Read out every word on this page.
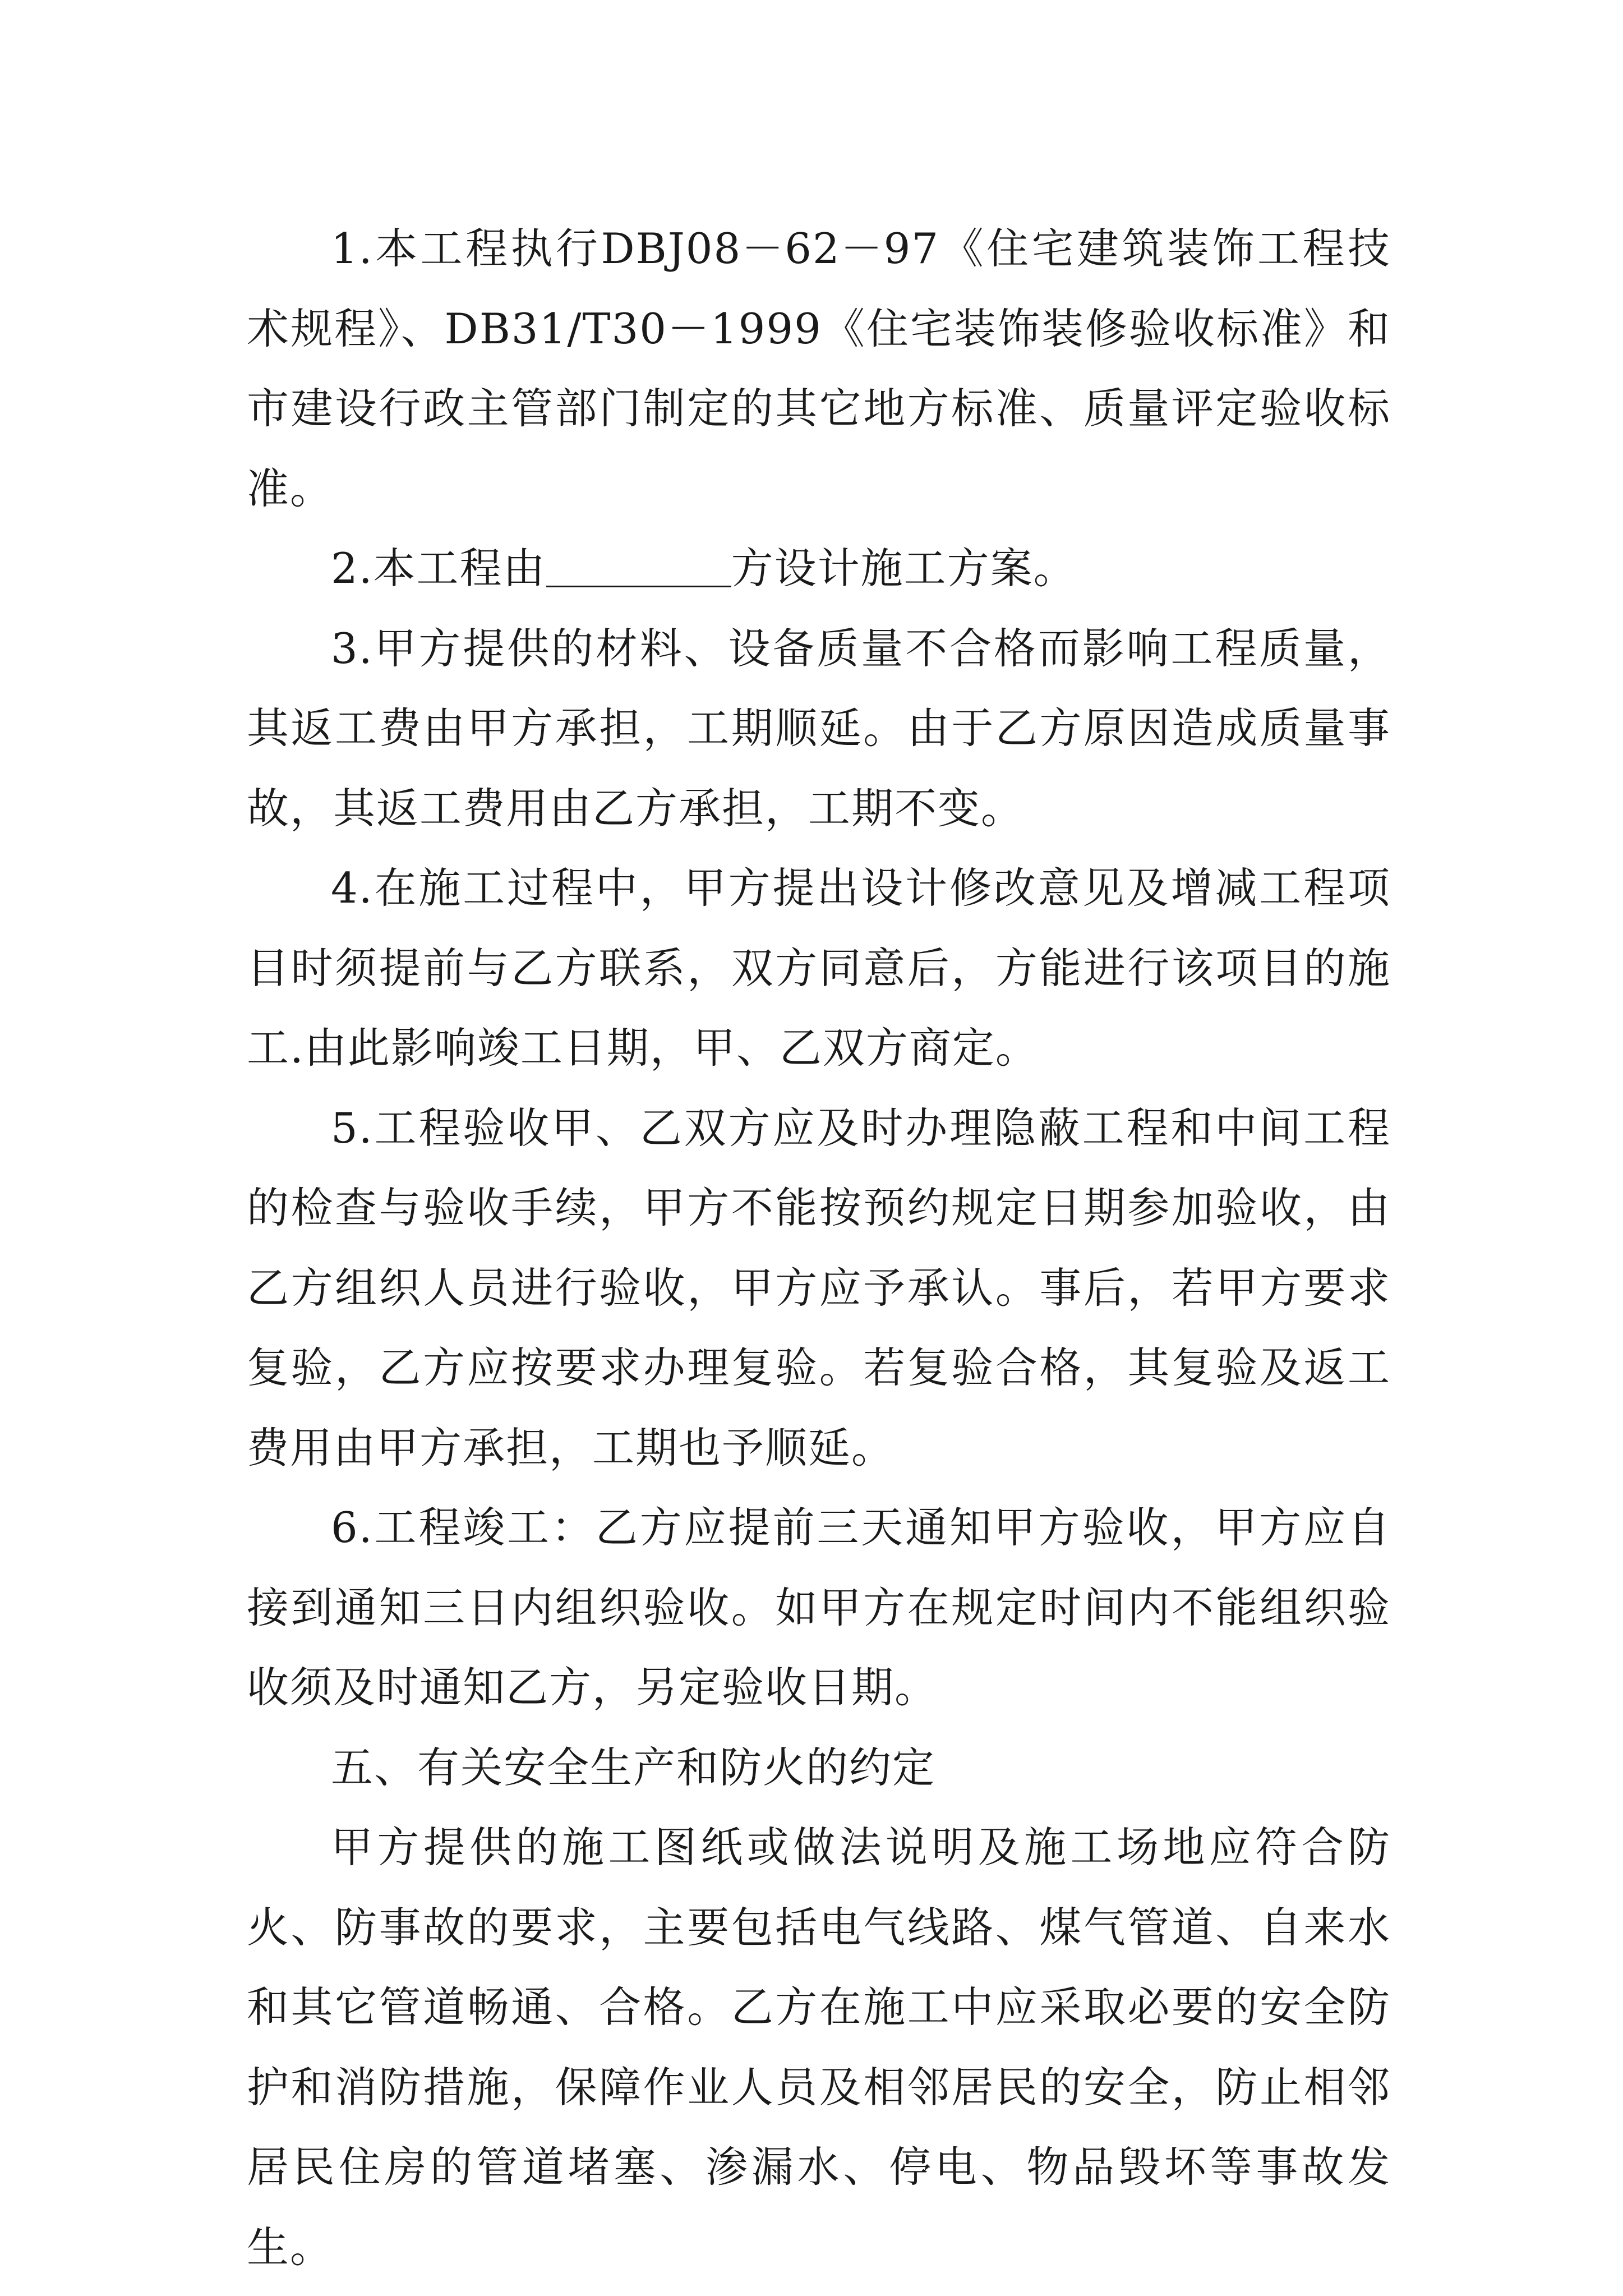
1.本工程执行DBJ08－62－97《住宅建筑装饰工程技术规程》、DB31/T30－1999《住宅装饰装修验收标准》和市建设行政主管部门制定的其它地方标准、质量评定验收标准。

2.本工程由	方设计施工方案。

3.甲方提供的材料、设备质量不合格而影响工程质量，其返工费由甲方承担，工期顺延。由于乙方原因造成质量事故，其返工费用由乙方承担，工期不变。

4.在施工过程中，甲方提出设计修改意见及增减工程项目时须提前与乙方联系，双方同意后，方能进行该项目的施工.由此影响竣工日期，甲、乙双方商定。

5.工程验收甲、乙双方应及时办理隐蔽工程和中间工程的检查与验收手续，甲方不能按预约规定日期参加验收，由乙方组织人员进行验收，甲方应予承认。事后，若甲方要求复验，乙方应按要求办理复验。若复验合格，其复验及返工费用由甲方承担，工期也予顺延。

6.工程竣工：乙方应提前三天通知甲方验收，甲方应自接到通知三日内组织验收。如甲方在规定时间内不能组织验收须及时通知乙方，另定验收日期。

五、有关安全生产和防火的约定

甲方提供的施工图纸或做法说明及施工场地应符合防火、防事故的要求，主要包括电气线路、煤气管道、自来水和其它管道畅通、合格。乙方在施工中应采取必要的安全防护和消防措施，保障作业人员及相邻居民的安全，防止相邻居民住房的管道堵塞、渗漏水、停电、物品毁坏等事故发生。
